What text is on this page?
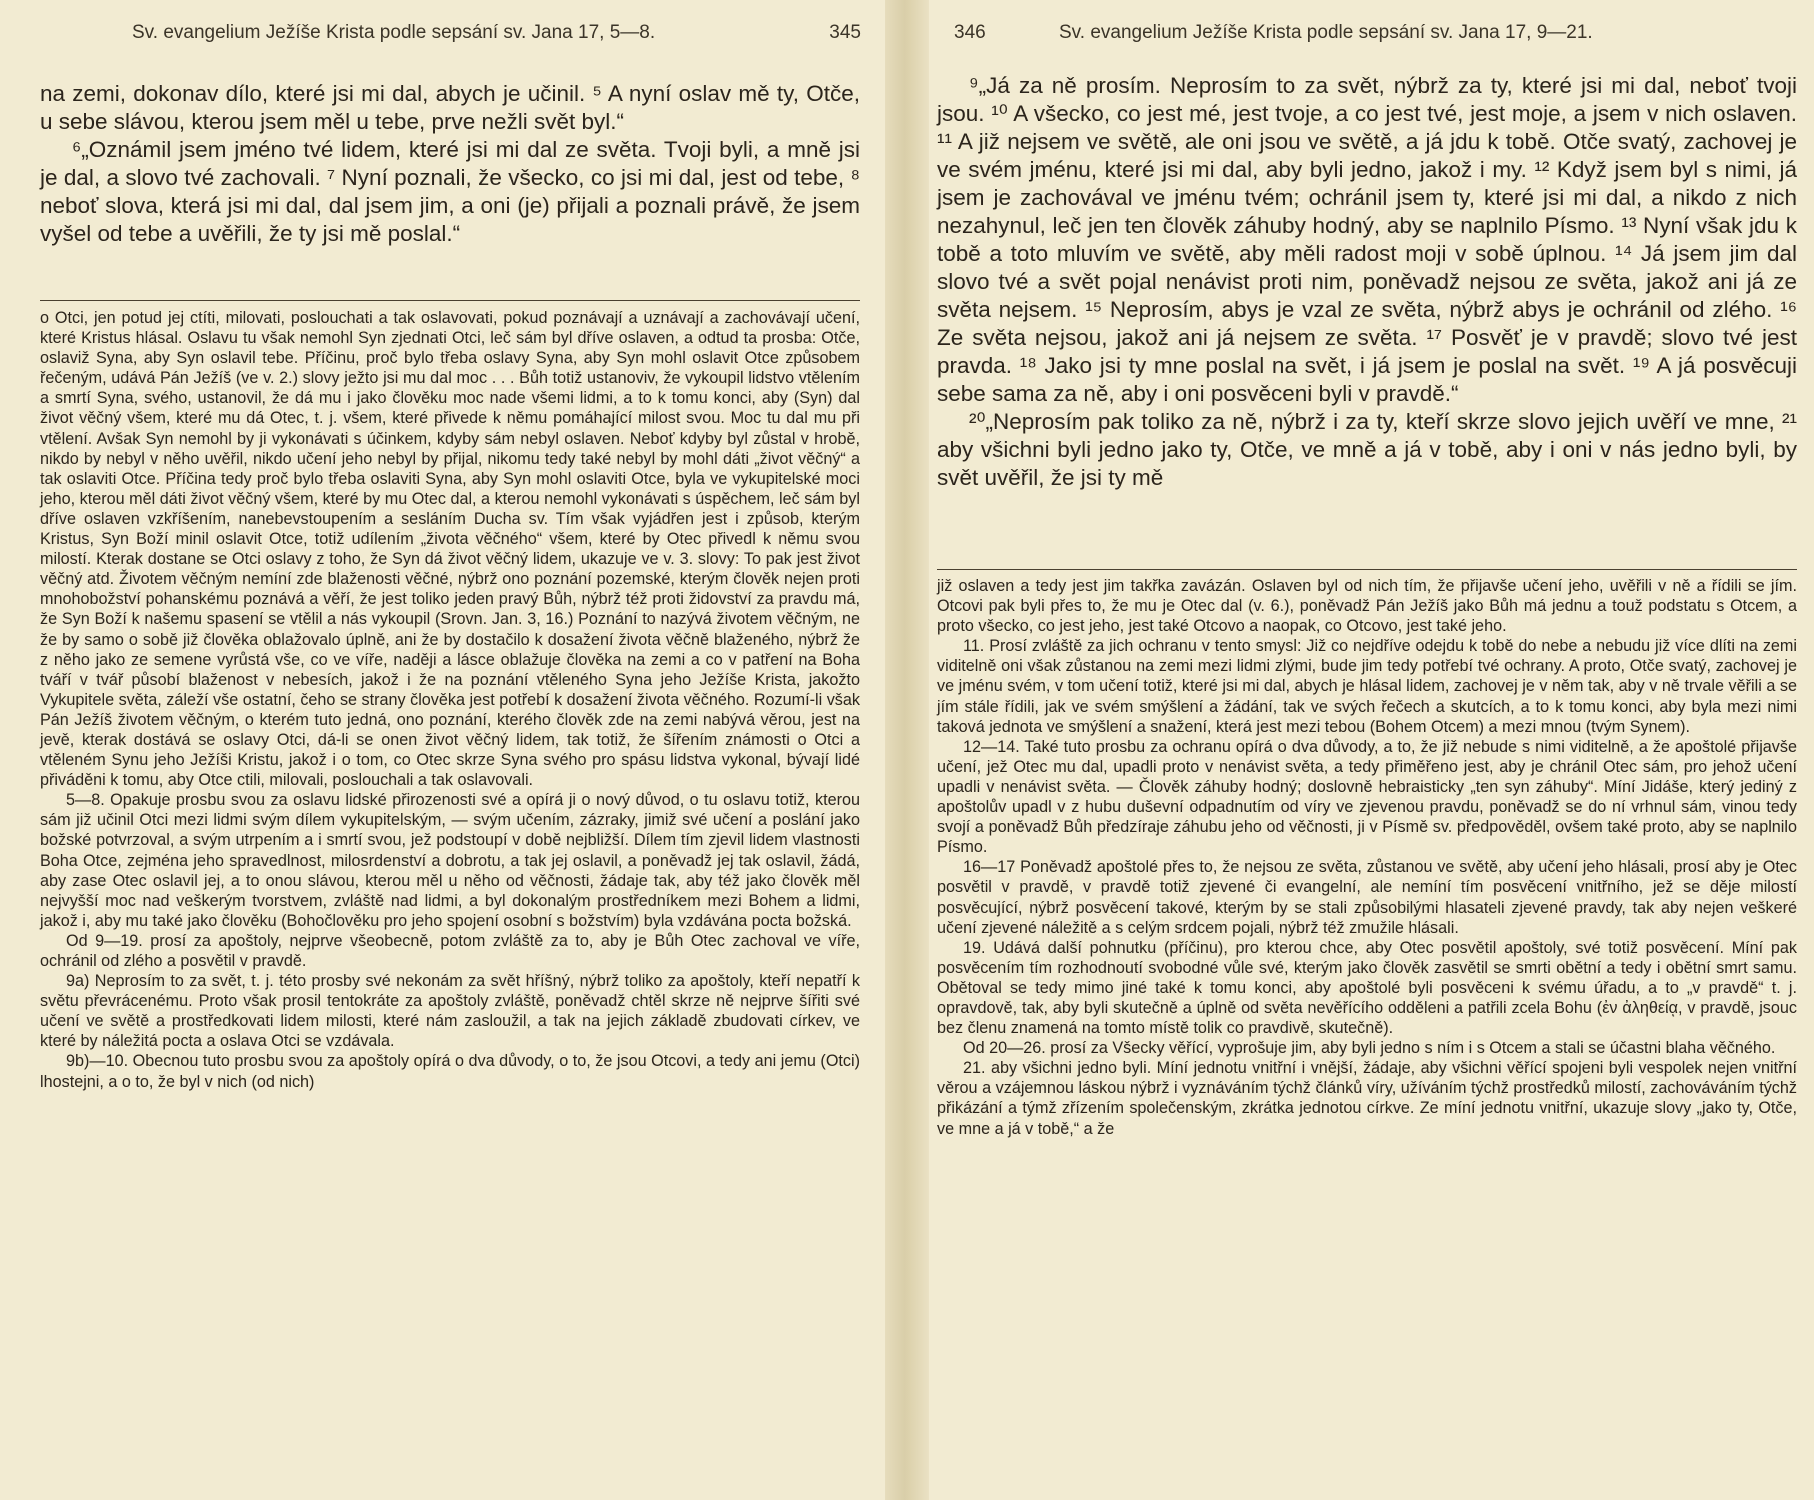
Sv. evangelium Ježíše Krista podle sepsání sv. Jana 17, 5—8.	345

na zemi, dokonav dílo, které jsi mi dal, abych je učinil. ⁵ A nyní oslav mě ty, Otče, u sebe slávou, kterou jsem měl u tebe, prve nežli svět byl.“

⁶„Oznámil jsem jméno tvé lidem, které jsi mi dal ze světa. Tvoji byli, a mně jsi je dal, a slovo tvé zachovali. ⁷ Nyní poznali, že všecko, co jsi mi dal, jest od tebe, ⁸ neboť slova, která jsi mi dal, dal jsem jim, a oni (je) přijali a poznali právě, že jsem vyšel od tebe a uvěřili, že ty jsi mě poslal.“

o Otci, jen potud jej ctíti, milovati, poslouchati a tak oslavovati, pokud poznávají a uznávají a zachovávají učení, které Kristus hlásal. Oslavu tu však nemohl Syn zjednati Otci, leč sám byl dříve oslaven, a odtud ta prosba: Otče, oslaviž Syna, aby Syn oslavil tebe. Příčinu, proč bylo třeba oslavy Syna, aby Syn mohl oslavit Otce způsobem řečeným, udává Pán Ježíš (ve v. 2.) slovy ježto jsi mu dal moc . . . Bůh totiž ustanoviv, že vykoupil lidstvo vtělením a smrtí Syna, svého, ustanovil, že dá mu i jako člověku moc nade všemi lidmi, a to k tomu konci, aby (Syn) dal život věčný všem, které mu dá Otec, t. j. všem, které přivede k němu pomáhající milost svou. Moc tu dal mu při vtělení. Avšak Syn nemohl by ji vykonávati s účinkem, kdyby sám nebyl oslaven. Neboť kdyby byl zůstal v hrobě, nikdo by nebyl v něho uvěřil, nikdo učení jeho nebyl by přijal, nikomu tedy také nebyl by mohl dáti „život věčný“ a tak oslaviti Otce. Příčina tedy proč bylo třeba oslaviti Syna, aby Syn mohl oslaviti Otce, byla ve vykupitelské moci jeho, kterou měl dáti život věčný všem, které by mu Otec dal, a kterou nemohl vykonávati s úspěchem, leč sám byl dříve oslaven vzkříšením, nanebevstoupením a sesláním Ducha sv. Tím však vyjádřen jest i způsob, kterým Kristus, Syn Boží minil oslavit Otce, totiž udílením „života věčného“ všem, které by Otec přivedl k němu svou milostí. Kterak dostane se Otci oslavy z toho, že Syn dá život věčný lidem, ukazuje ve v. 3. slovy: To pak jest život věčný atd. Životem věčným nemíní zde blaženosti věčné, nýbrž ono poznání pozemské, kterým člověk nejen proti mnohobožství pohanskému poznává a věří, že jest toliko jeden pravý Bůh, nýbrž též proti židovství za pravdu má, že Syn Boží k našemu spasení se vtělil a nás vykoupil (Srovn. Jan. 3, 16.) Poznání to nazývá životem věčným, ne že by samo o sobě již člověka oblažovalo úplně, ani že by dostačilo k dosažení života věčně blaženého, nýbrž že z něho jako ze semene vyrůstá vše, co ve víře, naději a lásce oblažuje člověka na zemi a co v patření na Boha tváří v tvář působí blaženost v nebesích, jakož i že na poznání vtěleného Syna jeho Ježíše Krista, jakožto Vykupitele světa, záleží vše ostatní, čeho se strany člověka jest potřebí k dosažení života věčného. Rozumí-li však Pán Ježíš životem věčným, o kterém tuto jedná, ono poznání, kterého člověk zde na zemi nabývá věrou, jest na jevě, kterak dostává se oslavy Otci, dá-li se onen život věčný lidem, tak totiž, že šířením známosti o Otci a vtěleném Synu jeho Ježíši Kristu, jakož i o tom, co Otec skrze Syna svého pro spásu lidstva vykonal, bývají lidé přiváděni k tomu, aby Otce ctili, milovali, poslouchali a tak oslavovali.

5—8. Opakuje prosbu svou za oslavu lidské přirozenosti své a opírá ji o nový důvod, o tu oslavu totiž, kterou sám již učinil Otci mezi lidmi svým dílem vykupitelským, — svým učením, zázraky, jimiž své učení a poslání jako božské potvrzoval, a svým utrpením a i smrtí svou, jež podstoupí v době nejbližší. Dílem tím zjevil lidem vlastnosti Boha Otce, zejména jeho spravedlnost, milosrdenství a dobrotu, a tak jej oslavil, a poněvadž jej tak oslavil, žádá, aby zase Otec oslavil jej, a to onou slávou, kterou měl u něho od věčnosti, žádaje tak, aby též jako člověk měl nejvyšší moc nad veškerým tvorstvem, zvláště nad lidmi, a byl dokonalým prostředníkem mezi Bohem a lidmi, jakož i, aby mu také jako člověku (Bohočlověku pro jeho spojení osobní s božstvím) byla vzdávána pocta božská.

Od 9—19. prosí za apoštoly, nejprve všeobecně, potom zvláště za to, aby je Bůh Otec zachoval ve víře, ochránil od zlého a posvětil v pravdě.

9a) Neprosím to za svět, t. j. této prosby své nekonám za svět hříšný, nýbrž toliko za apoštoly, kteří nepatří k světu převrácenému. Proto však prosil tentokráte za apoštoly zvláště, poněvadž chtěl skrze ně nejprve šířiti své učení ve světě a prostředkovati lidem milosti, které nám zasloužil, a tak na jejich základě zbudovati církev, ve které by náležitá pocta a oslava Otci se vzdávala.

9b)—10. Obecnou tuto prosbu svou za apoštoly opírá o dva důvody, o to, že jsou Otcovi, a tedy ani jemu (Otci) lhostejni, a o to, že byl v nich (od nich)

346	Sv. evangelium Ježíše Krista podle sepsání sv. Jana 17, 9—21.

⁹„Já za ně prosím. Neprosím to za svět, nýbrž za ty, které jsi mi dal, neboť tvoji jsou. ¹⁰ A všecko, co jest mé, jest tvoje, a co jest tvé, jest moje, a jsem v nich oslaven. ¹¹ A již nejsem ve světě, ale oni jsou ve světě, a já jdu k tobě. Otče svatý, zachovej je ve svém jménu, které jsi mi dal, aby byli jedno, jakož i my. ¹² Když jsem byl s nimi, já jsem je zachovával ve jménu tvém; ochránil jsem ty, které jsi mi dal, a nikdo z nich nezahynul, leč jen ten člověk záhuby hodný, aby se naplnilo Písmo. ¹³ Nyní však jdu k tobě a toto mluvím ve světě, aby měli radost moji v sobě úplnou. ¹⁴ Já jsem jim dal slovo tvé a svět pojal nenávist proti nim, poněvadž nejsou ze světa, jakož ani já ze světa nejsem. ¹⁵ Neprosím, abys je vzal ze světa, nýbrž abys je ochránil od zlého. ¹⁶ Ze světa nejsou, jakož ani já nejsem ze světa. ¹⁷ Posvěť je v pravdě; slovo tvé jest pravda. ¹⁸ Jako jsi ty mne poslal na svět, i já jsem je poslal na svět. ¹⁹ A já posvěcuji sebe sama za ně, aby i oni posvěceni byli v pravdě.“

²⁰„Neprosím pak toliko za ně, nýbrž i za ty, kteří skrze slovo jejich uvěří ve mne, ²¹ aby všichni byli jedno jako ty, Otče, ve mně a já v tobě, aby i oni v nás jedno byli, by svět uvěřil, že jsi ty mě

již oslaven a tedy jest jim takřka zavázán. Oslaven byl od nich tím, že přijavše učení jeho, uvěřili v ně a řídili se jím. Otcovi pak byli přes to, že mu je Otec dal (v. 6.), poněvadž Pán Ježíš jako Bůh má jednu a touž podstatu s Otcem, a proto všecko, co jest jeho, jest také Otcovo a naopak, co Otcovo, jest také jeho.

11. Prosí zvláště za jich ochranu v tento smysl: Již co nejdříve odejdu k tobě do nebe a nebudu již více dlíti na zemi viditelně oni však zůstanou na zemi mezi lidmi zlými, bude jim tedy potřebí tvé ochrany. A proto, Otče svatý, zachovej je ve jménu svém, v tom učení totiž, které jsi mi dal, abych je hlásal lidem, zachovej je v něm tak, aby v ně trvale věřili a se jím stále řídili, jak ve svém smýšlení a žádání, tak ve svých řečech a skutcích, a to k tomu konci, aby byla mezi nimi taková jednota ve smýšlení a snažení, která jest mezi tebou (Bohem Otcem) a mezi mnou (tvým Synem).

12—14. Také tuto prosbu za ochranu opírá o dva důvody, a to, že již nebude s nimi viditelně, a že apoštolé přijavše učení, jež Otec mu dal, upadli proto v nenávist světa, a tedy přiměřeno jest, aby je chránil Otec sám, pro jehož učení upadli v nenávist světa. — Člověk záhuby hodný; doslovně hebraisticky „ten syn záhuby“. Míní Jidáše, který jediný z apoštolův upadl v z hubu duševní odpadnutím od víry ve zjevenou pravdu, poněvadž se do ní vrhnul sám, vinou tedy svojí a poněvadž Bůh předzíraje záhubu jeho od věčnosti, ji v Písmě sv. předpověděl, ovšem také proto, aby se naplnilo Písmo.

16—17 Poněvadž apoštolé přes to, že nejsou ze světa, zůstanou ve světě, aby učení jeho hlásali, prosí aby je Otec posvětil v pravdě, v pravdě totiž zjevené či evangelní, ale nemíní tím posvěcení vnitřního, jež se děje milostí posvěcující, nýbrž posvěcení takové, kterým by se stali způsobilými hlasateli zjevené pravdy, tak aby nejen veškeré učení zjevené náležitě a s celým srdcem pojali, nýbrž též zmužile hlásali.

19. Udává další pohnutku (příčinu), pro kterou chce, aby Otec posvětil apoštoly, své totiž posvěcení. Míní pak posvěcením tím rozhodnoutí svobodné vůle své, kterým jako člověk zasvětil se smrti obětní a tedy i obětní smrt samu. Obětoval se tedy mimo jiné také k tomu konci, aby apoštolé byli posvěceni k svému úřadu, a to „v pravdě“ t. j. opravdově, tak, aby byli skutečně a úplně od světa nevěřícího odděleni a patřili zcela Bohu (ἐν ἀληθείᾳ, v pravdě, jsouc bez členu znamená na tomto místě tolik co pravdivě, skutečně).

Od 20—26. prosí za Všecky věřící, vyprošuje jim, aby byli jedno s ním i s Otcem a stali se účastni blaha věčného.

21. aby všichni jedno byli. Míní jednotu vnitřní i vnější, žádaje, aby všichni věřící spojeni byli vespolek nejen vnitřní věrou a vzájemnou láskou nýbrž i vyznáváním týchž článků víry, užíváním týchž prostředků milostí, zachováváním týchž přikázání a týmž zřízením společenským, zkrátka jednotou církve. Ze míní jednotu vnitřní, ukazuje slovy „jako ty, Otče, ve mne a já v tobě,“ a že
